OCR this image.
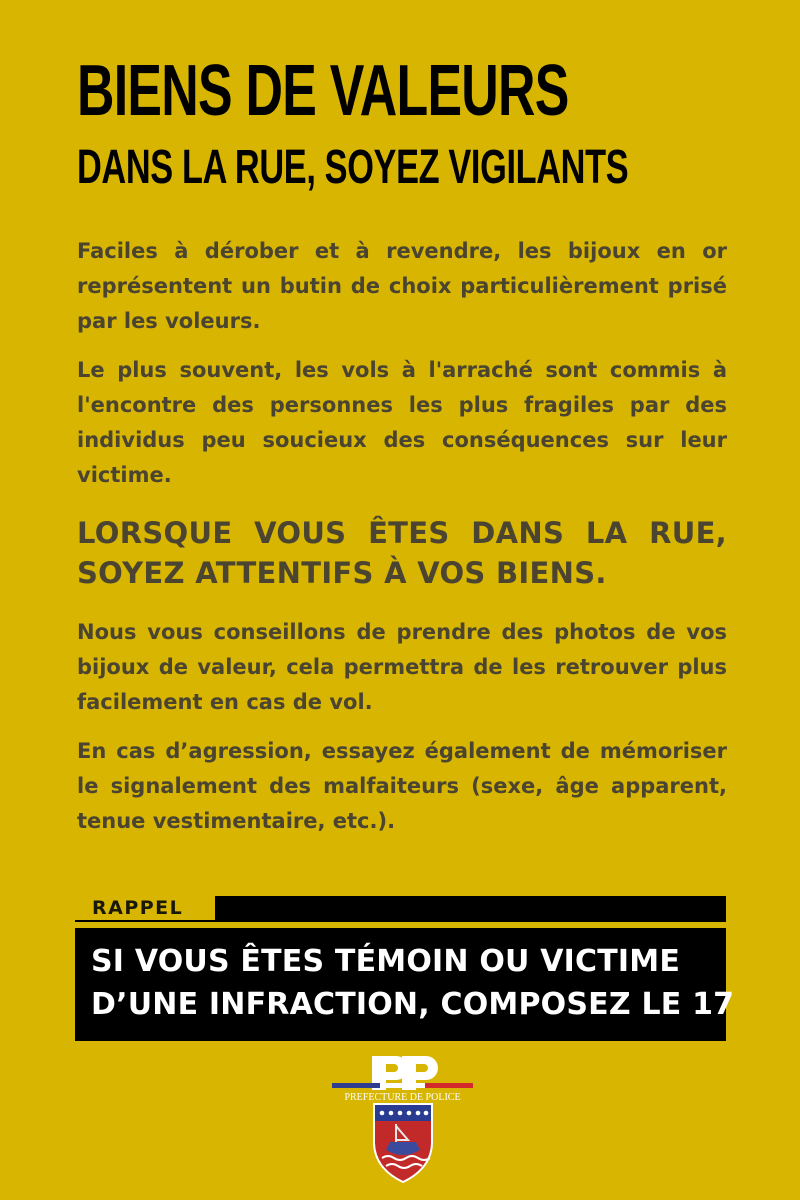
BIENS DE VALEURS
DANS LA RUE, SOYEZ VIGILANTS

Faciles à dérober et à revendre, les bijoux en or représentent un butin de choix particulièrement prisé par les voleurs.

Le plus souvent, les vols à l'arraché sont commis à l'encontre des personnes les plus fragiles par des individus peu soucieux des conséquences sur leur victime.

LORSQUE VOUS ÊTES DANS LA RUE, SOYEZ ATTENTIFS À VOS BIENS.

Nous vous conseillons de prendre des photos de vos bijoux de valeur, cela permettra de les retrouver plus facilement en cas de vol.

En cas d’agression, essayez également de mémoriser le signalement des malfaiteurs (sexe, âge apparent, tenue vestimentaire, etc.).

RAPPEL
SI VOUS ÊTES TÉMOIN OU VICTIME
D’UNE INFRACTION, COMPOSEZ LE 17
PREFECTURE DE POLICE
